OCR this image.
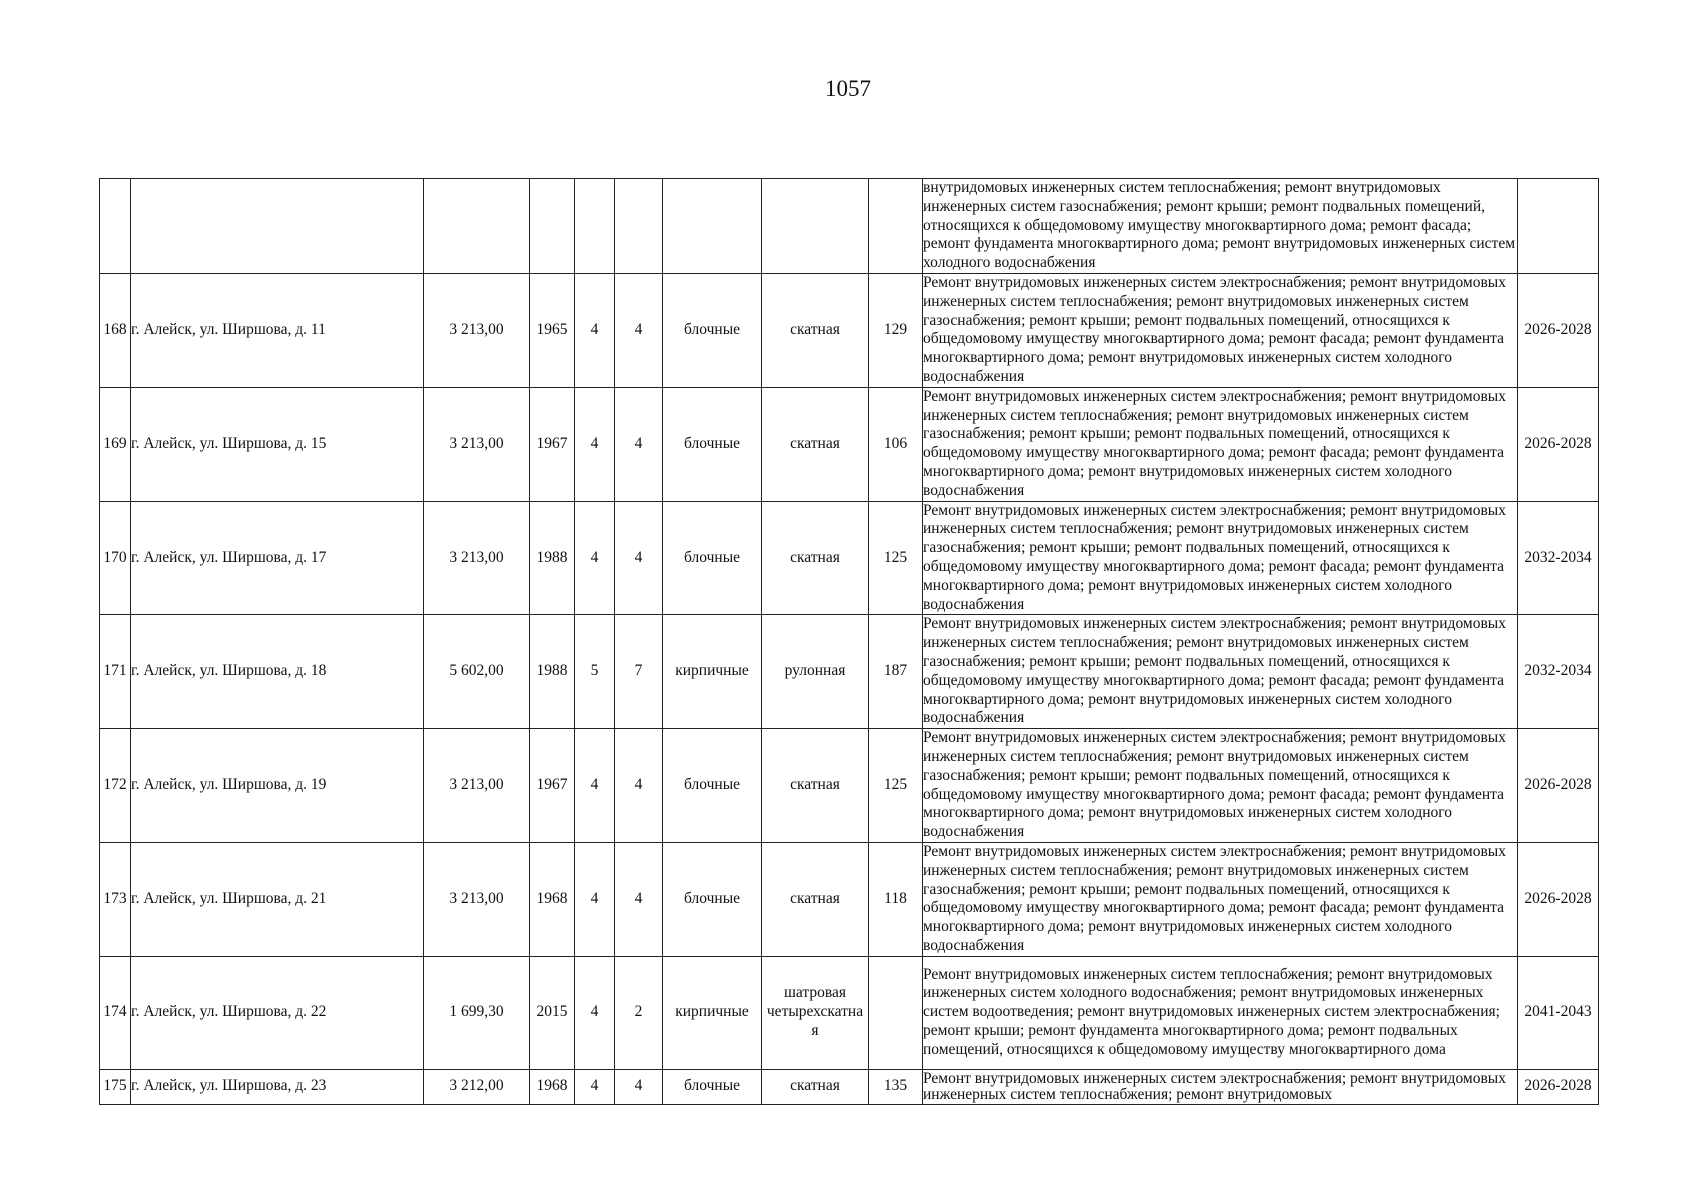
1057
									внутридомовых инженерных систем теплоснабжения; ремонт внутридомовых инженерных систем газоснабжения; ремонт крыши; ремонт подвальных помещений, относящихся к общедомовому имуществу многоквартирного дома; ремонт фасада; ремонт фундамента многоквартирного дома; ремонт внутридомовых инженерных систем холодного водоснабжения	
168	г. Алейск, ул. Ширшова, д. 11	3 213,00	1965	4	4	блочные	скатная	129	Ремонт внутридомовых инженерных систем электроснабжения; ремонт внутридомовых инженерных систем теплоснабжения; ремонт внутридомовых инженерных систем газоснабжения; ремонт крыши; ремонт подвальных помещений, относящихся к общедомовому имуществу многоквартирного дома; ремонт фасада; ремонт фундамента многоквартирного дома; ремонт внутридомовых инженерных систем холодного водоснабжения	2026-2028
169	г. Алейск, ул. Ширшова, д. 15	3 213,00	1967	4	4	блочные	скатная	106	Ремонт внутридомовых инженерных систем электроснабжения; ремонт внутридомовых инженерных систем теплоснабжения; ремонт внутридомовых инженерных систем газоснабжения; ремонт крыши; ремонт подвальных помещений, относящихся к общедомовому имуществу многоквартирного дома; ремонт фасада; ремонт фундамента многоквартирного дома; ремонт внутридомовых инженерных систем холодного водоснабжения	2026-2028
170	г. Алейск, ул. Ширшова, д. 17	3 213,00	1988	4	4	блочные	скатная	125	Ремонт внутридомовых инженерных систем электроснабжения; ремонт внутридомовых инженерных систем теплоснабжения; ремонт внутридомовых инженерных систем газоснабжения; ремонт крыши; ремонт подвальных помещений, относящихся к общедомовому имуществу многоквартирного дома; ремонт фасада; ремонт фундамента многоквартирного дома; ремонт внутридомовых инженерных систем холодного водоснабжения	2032-2034
171	г. Алейск, ул. Ширшова, д. 18	5 602,00	1988	5	7	кирпичные	рулонная	187	Ремонт внутридомовых инженерных систем электроснабжения; ремонт внутридомовых инженерных систем теплоснабжения; ремонт внутридомовых инженерных систем газоснабжения; ремонт крыши; ремонт подвальных помещений, относящихся к общедомовому имуществу многоквартирного дома; ремонт фасада; ремонт фундамента многоквартирного дома; ремонт внутридомовых инженерных систем холодного водоснабжения	2032-2034
172	г. Алейск, ул. Ширшова, д. 19	3 213,00	1967	4	4	блочные	скатная	125	Ремонт внутридомовых инженерных систем электроснабжения; ремонт внутридомовых инженерных систем теплоснабжения; ремонт внутридомовых инженерных систем газоснабжения; ремонт крыши; ремонт подвальных помещений, относящихся к общедомовому имуществу многоквартирного дома; ремонт фасада; ремонт фундамента многоквартирного дома; ремонт внутридомовых инженерных систем холодного водоснабжения	2026-2028
173	г. Алейск, ул. Ширшова, д. 21	3 213,00	1968	4	4	блочные	скатная	118	Ремонт внутридомовых инженерных систем электроснабжения; ремонт внутридомовых инженерных систем теплоснабжения; ремонт внутридомовых инженерных систем газоснабжения; ремонт крыши; ремонт подвальных помещений, относящихся к общедомовому имуществу многоквартирного дома; ремонт фасада; ремонт фундамента многоквартирного дома; ремонт внутридомовых инженерных систем холодного водоснабжения	2026-2028
174	г. Алейск, ул. Ширшова, д. 22	1 699,30	2015	4	2	кирпичные	шатровая четырехскатна я		Ремонт внутридомовых инженерных систем теплоснабжения; ремонт внутридомовых инженерных систем холодного водоснабжения; ремонт внутридомовых инженерных систем водоотведения; ремонт внутридомовых инженерных систем электроснабжения; ремонт крыши; ремонт фундамента многоквартирного дома; ремонт подвальных помещений, относящихся к общедомовому имуществу многоквартирного дома	2041-2043
175	г. Алейск, ул. Ширшова, д. 23	3 212,00	1968	4	4	блочные	скатная	135	Ремонт внутридомовых инженерных систем электроснабжения; ремонт внутридомовых инженерных систем теплоснабжения; ремонт внутридомовых	2026-2028
